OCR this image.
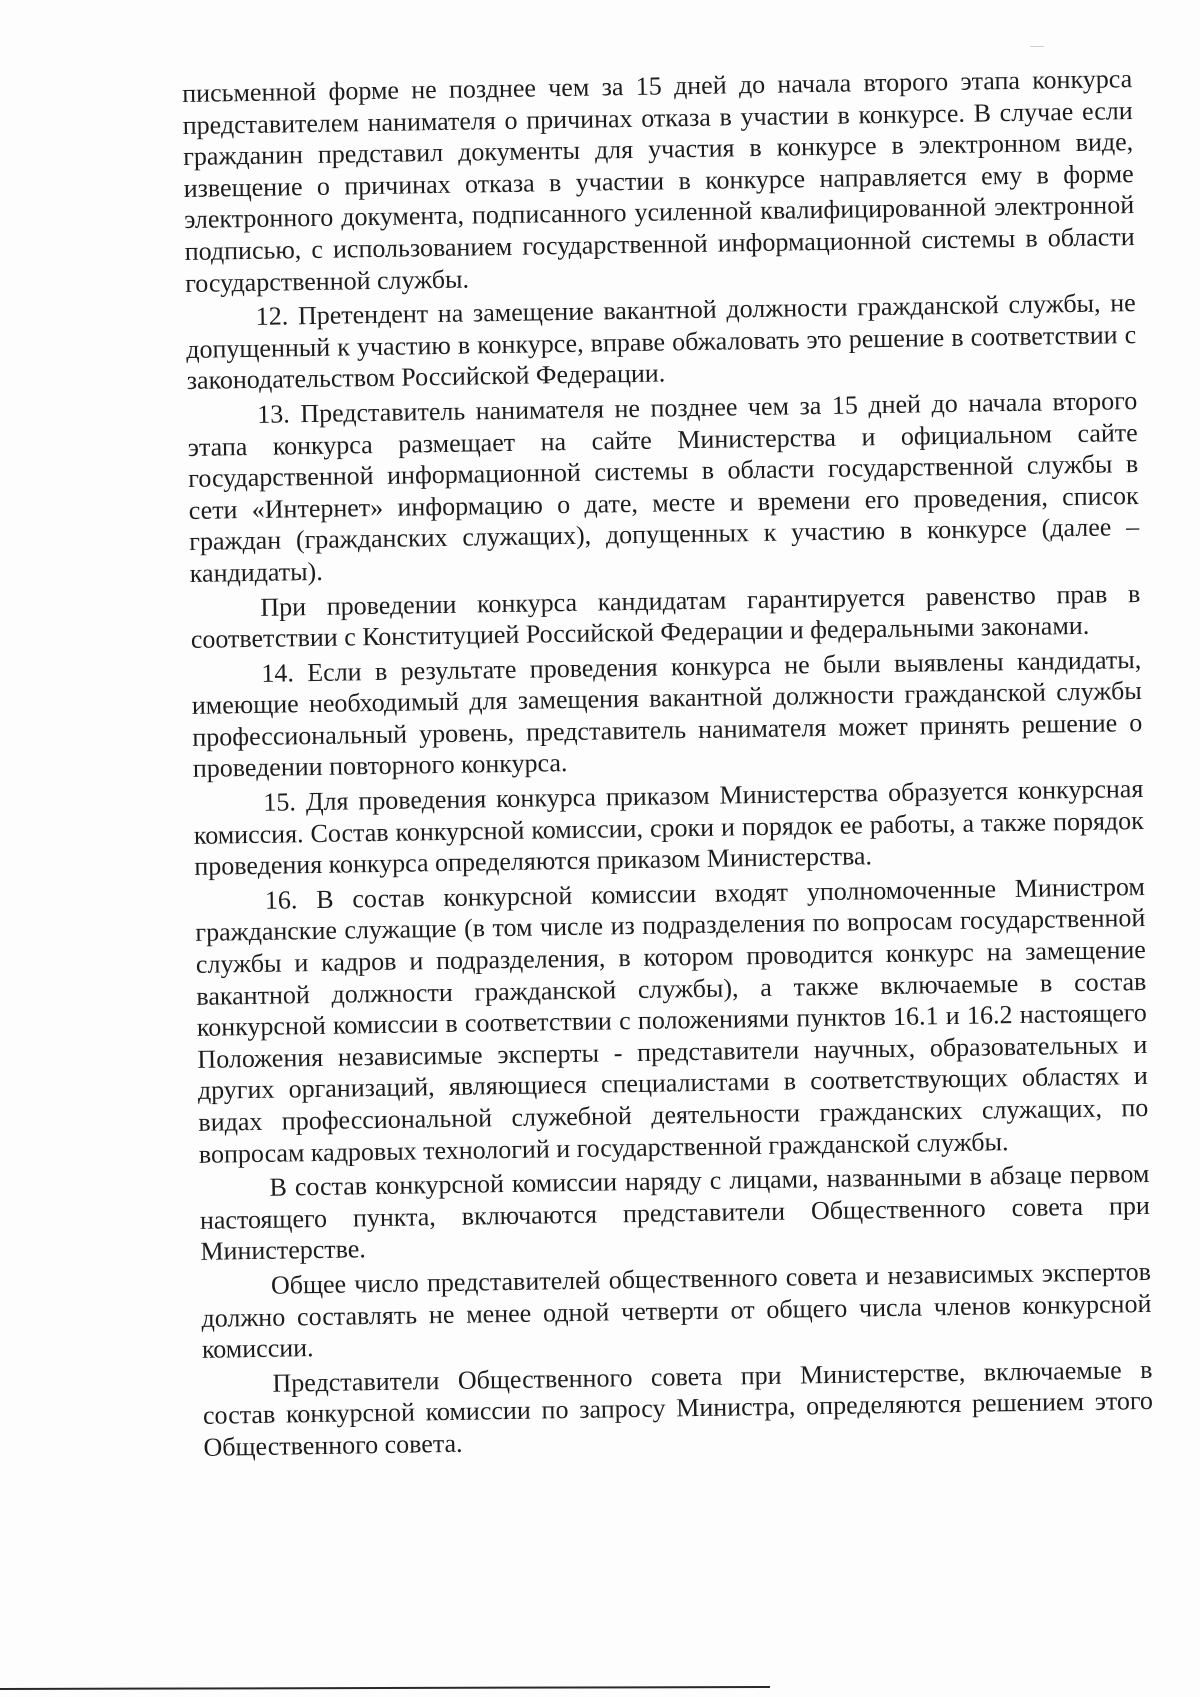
письменной форме не позднее чем за 15 дней до начала второго этапа конкурса представителем нанимателя о причинах отказа в участии в конкурсе. В случае если гражданин представил документы для участия в конкурсе в электронном виде, извещение о причинах отказа в участии в конкурсе направляется ему в форме электронного документа, подписанного усиленной квалифицированной электронной подписью, с использованием государственной информационной системы в области государственной службы.

12. Претендент на замещение вакантной должности гражданской службы, не допущенный к участию в конкурсе, вправе обжаловать это решение в соответствии с законодательством Российской Федерации.

13. Представитель нанимателя не позднее чем за 15 дней до начала второго этапа конкурса размещает на сайте Министерства и официальном сайте государственной информационной системы в области государственной службы в сети «Интернет» информацию о дате, месте и времени его проведения, список граждан (гражданских служащих), допущенных к участию в конкурсе (далее – кандидаты).

При проведении конкурса кандидатам гарантируется равенство прав в соответствии с Конституцией Российской Федерации и федеральными законами.

14. Если в результате проведения конкурса не были выявлены кандидаты, имеющие необходимый для замещения вакантной должности гражданской службы профессиональный уровень, представитель нанимателя может принять решение о проведении повторного конкурса.

15. Для проведения конкурса приказом Министерства образуется конкурсная комиссия. Состав конкурсной комиссии, сроки и порядок ее работы, а также порядок проведения конкурса определяются приказом Министерства.

16. В состав конкурсной комиссии входят уполномоченные Министром гражданские служащие (в том числе из подразделения по вопросам государственной службы и кадров и подразделения, в котором проводится конкурс на замещение вакантной должности гражданской службы), а также включаемые в состав конкурсной комиссии в соответствии с положениями пунктов 16.1 и 16.2 настоящего Положения независимые эксперты - представители научных, образовательных и других организаций, являющиеся специалистами в соответствующих областях и видах профессиональной служебной деятельности гражданских служащих, по вопросам кадровых технологий и государственной гражданской службы.

В состав конкурсной комиссии наряду с лицами, названными в абзаце первом настоящего пункта, включаются представители Общественного совета при Министерстве.

Общее число представителей общественного совета и независимых экспертов должно составлять не менее одной четверти от общего числа членов конкурсной комиссии.

Представители Общественного совета при Министерстве, включаемые в состав конкурсной комиссии по запросу Министра, определяются решением этого Общественного совета.
